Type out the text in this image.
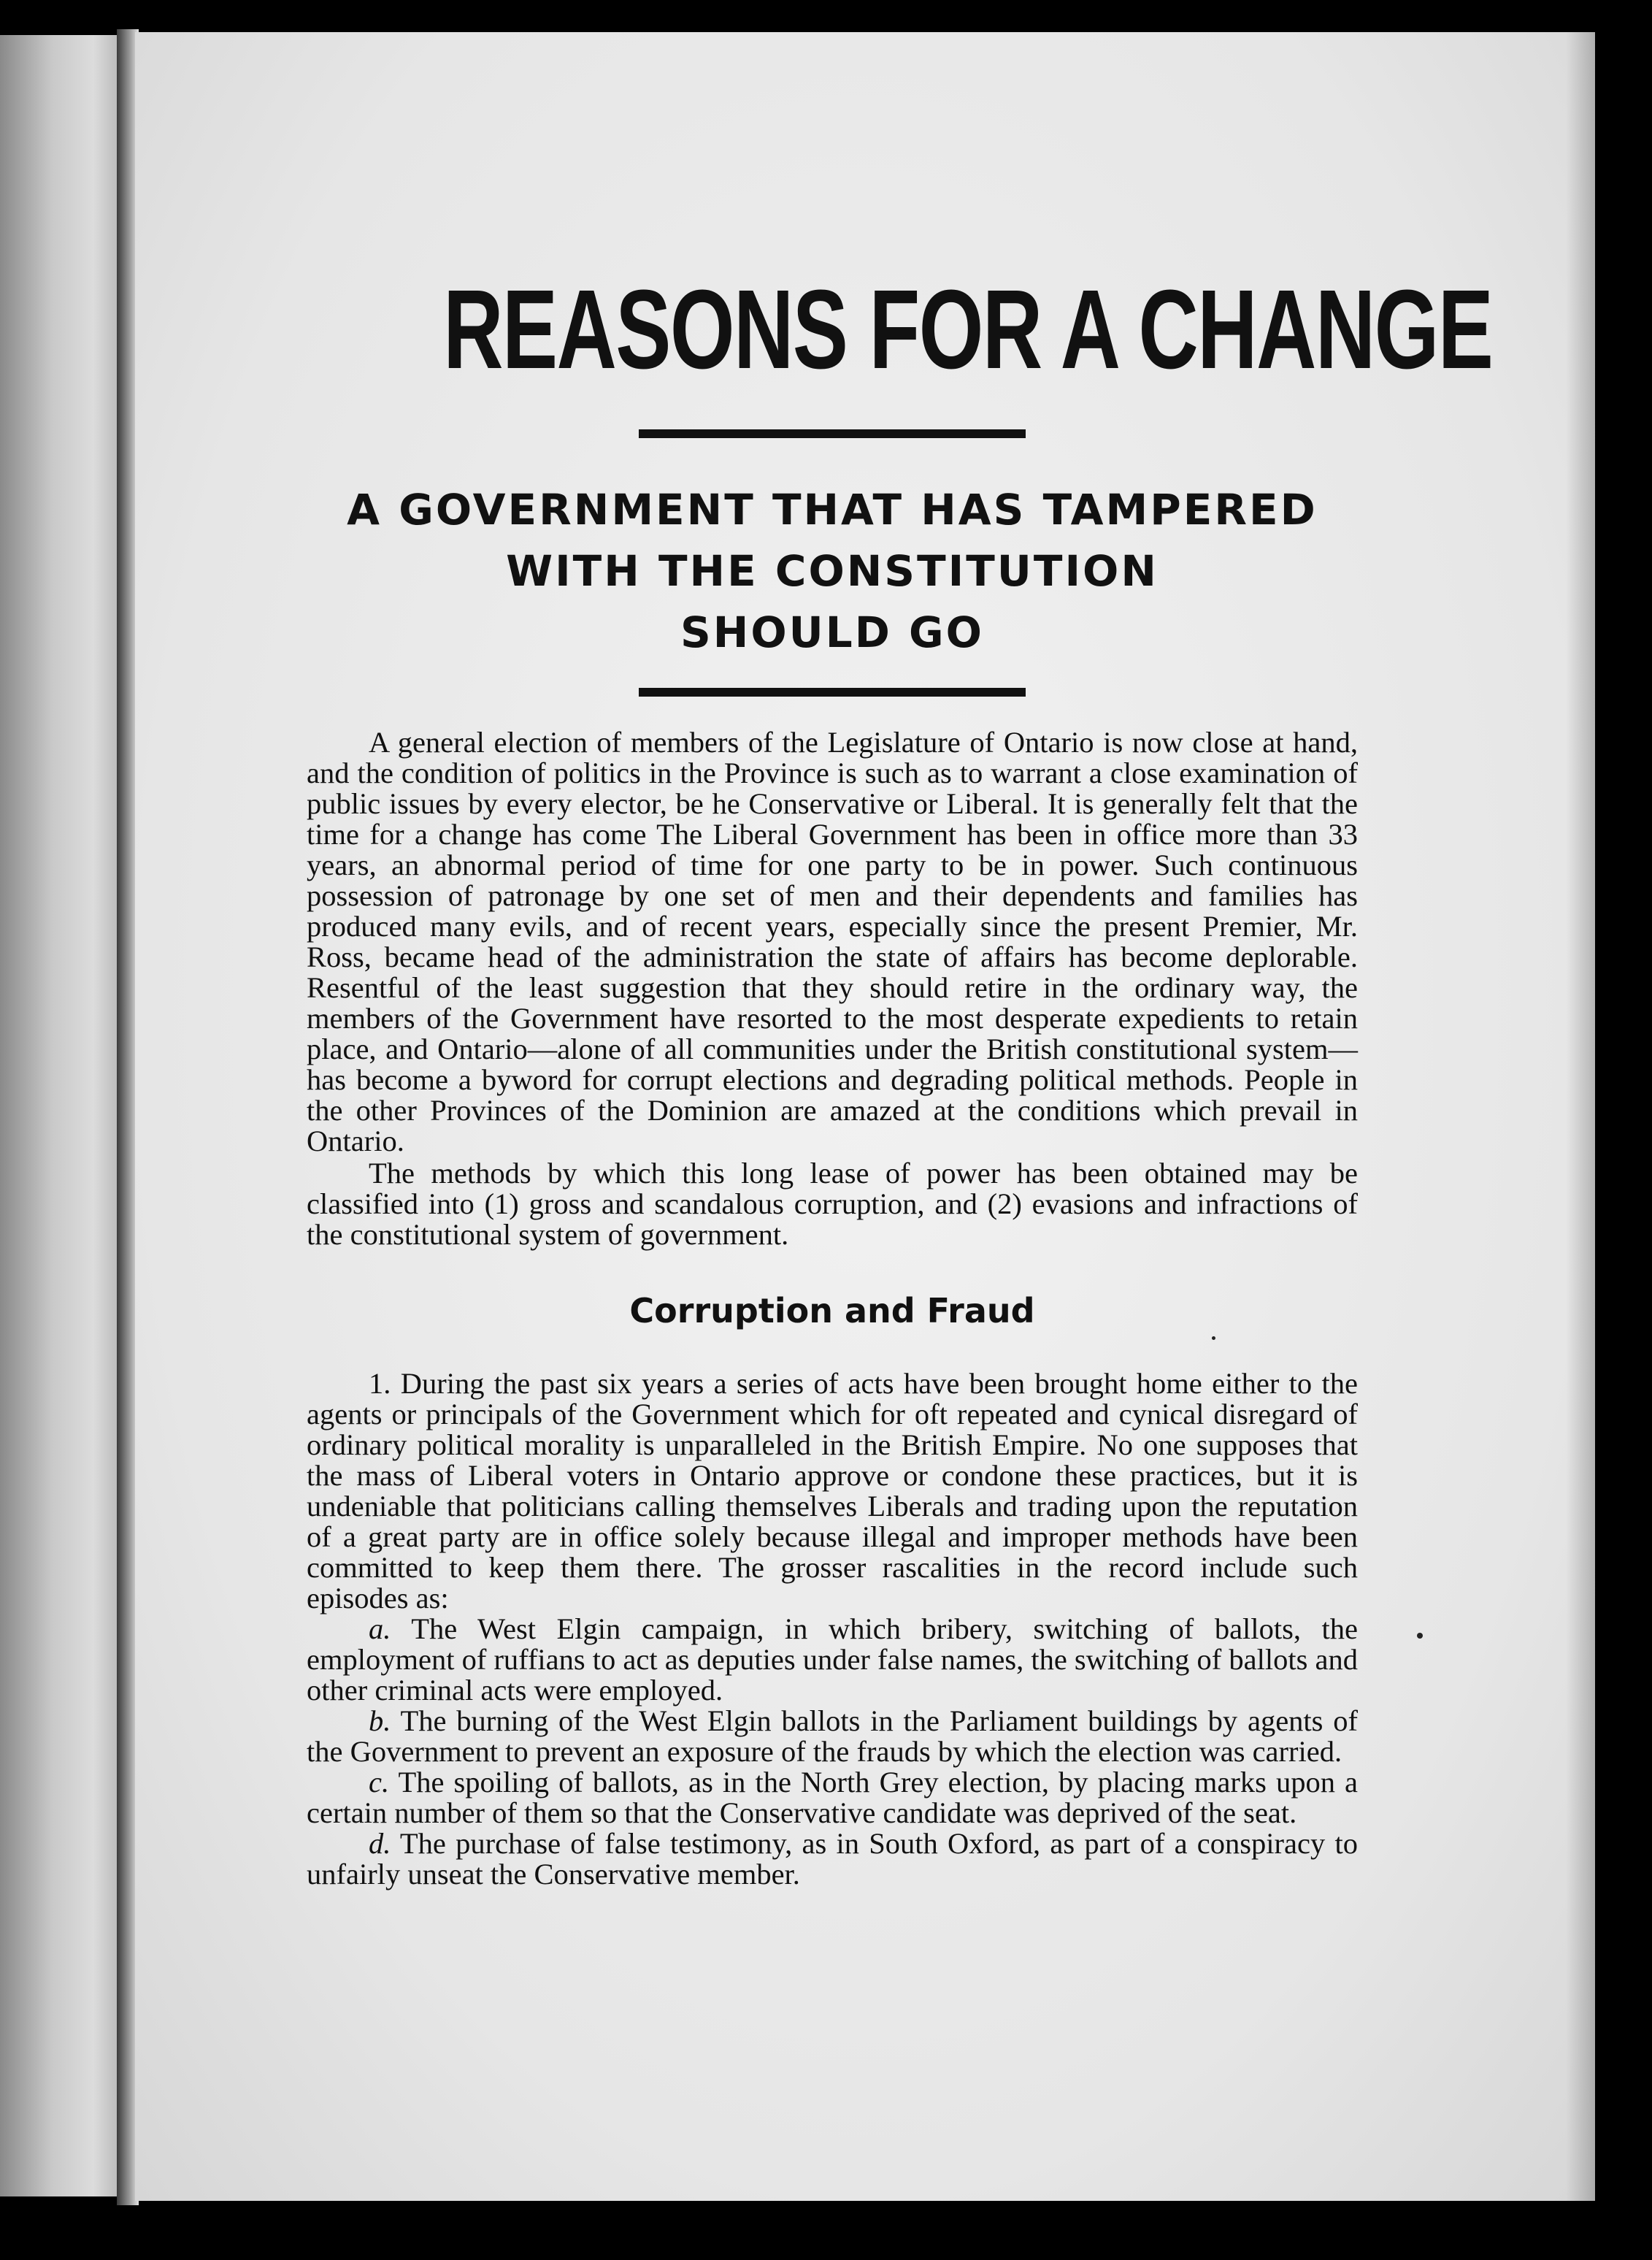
REASONS FOR A CHANGE
A GOVERNMENT THAT HAS TAMPERED
WITH THE CONSTITUTION
SHOULD GO

A general election of members of the Legislature of Ontario is now close at hand, and the condition of politics in the Province is such as to warrant a close examination of public issues by every elector, be he Conservative or Liberal. It is generally felt that the time for a change has come The Liberal Government has been in office more than 33 years, an abnormal period of time for one party to be in power. Such continuous possession of patronage by one set of men and their dependents and families has produced many evils, and of recent years, especially since the present Premier, Mr. Ross, became head of the administration the state of affairs has become deplorable. Resentful of the least suggestion that they should retire in the ordinary way, the members of the Government have resorted to the most desperate expedients to retain place, and Ontario—alone of all communities under the British constitutional system—has become a byword for corrupt elections and degrading political methods. People in the other Provinces of the Dominion are amazed at the conditions which prevail in Ontario.

The methods by which this long lease of power has been obtained may be classified into (1) gross and scandalous corruption, and (2) evasions and infractions of the constitutional system of government.

Corruption and Fraud

1. During the past six years a series of acts have been brought home either to the agents or principals of the Government which for oft repeated and cynical disregard of ordinary political morality is unparalleled in the British Empire. No one supposes that the mass of Liberal voters in Ontario approve or condone these practices, but it is undeniable that politicians calling themselves Liberals and trading upon the reputation of a great party are in office solely because illegal and improper methods have been committed to keep them there. The grosser rascalities in the record include such episodes as:

a. The West Elgin campaign, in which bribery, switching of ballots, the employment of ruffians to act as deputies under false names, the switching of ballots and other criminal acts were employed.

b. The burning of the West Elgin ballots in the Parliament buildings by agents of the Government to prevent an exposure of the frauds by which the election was carried.

c. The spoiling of ballots, as in the North Grey election, by placing marks upon a certain number of them so that the Conservative candidate was deprived of the seat.

d. The purchase of false testimony, as in South Oxford, as part of a conspiracy to unfairly unseat the Conservative member.
